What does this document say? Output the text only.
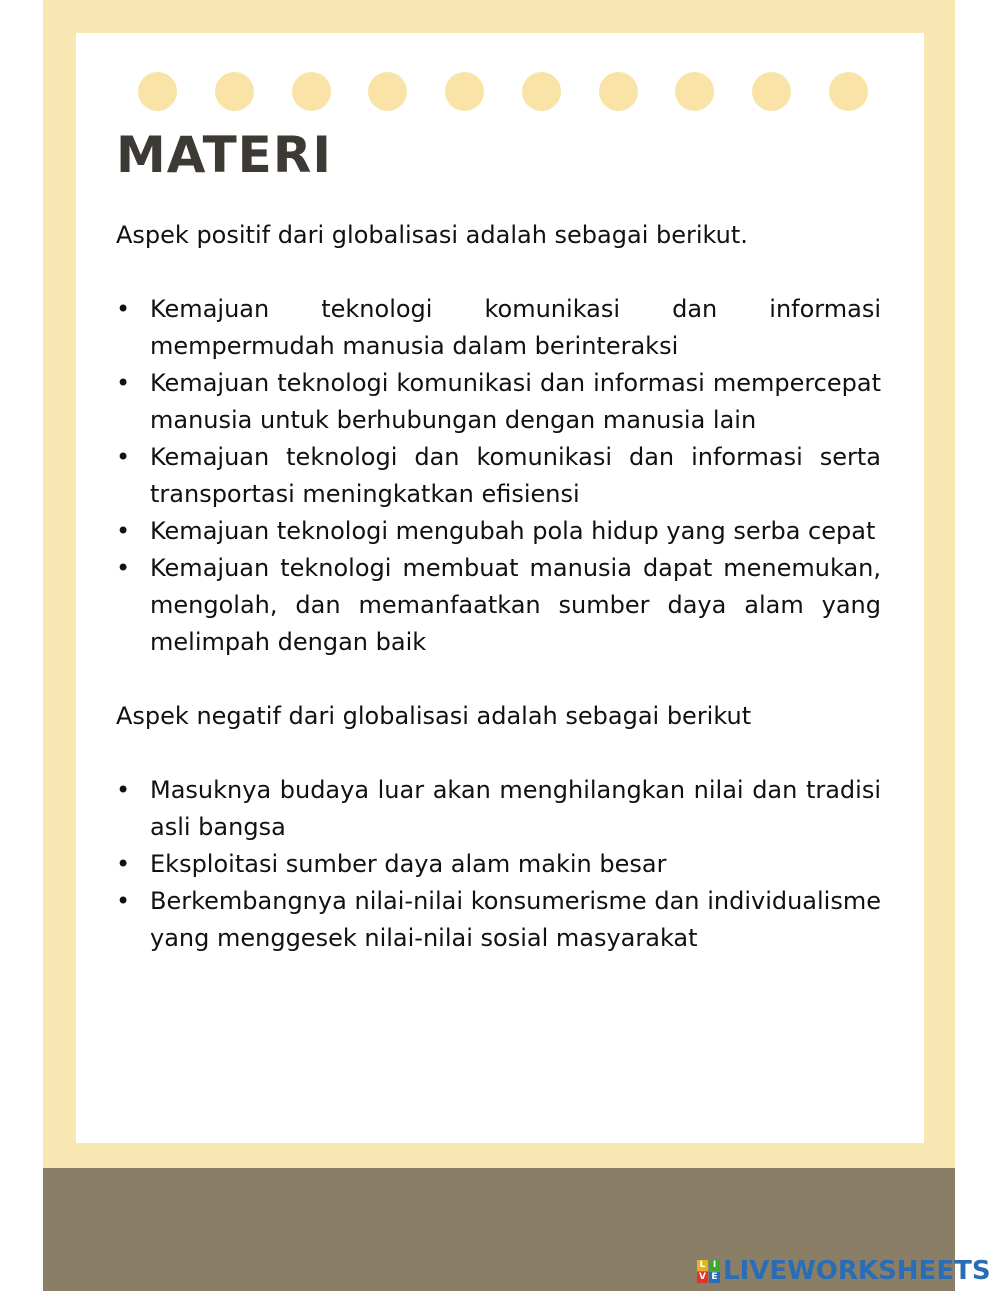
MATERI

Aspek positif dari globalisasi adalah sebagai berikut.

• Kemajuan teknologi komunikasi dan informasi mempermudah manusia dalam berinteraksi
• Kemajuan teknologi komunikasi dan informasi mempercepat manusia untuk berhubungan dengan manusia lain
• Kemajuan teknologi dan komunikasi dan informasi serta transportasi meningkatkan efisiensi
• Kemajuan teknologi mengubah pola hidup yang serba cepat
• Kemajuan teknologi membuat manusia dapat menemukan, mengolah, dan memanfaatkan sumber daya alam yang melimpah dengan baik

Aspek negatif dari globalisasi adalah sebagai berikut

• Masuknya budaya luar akan menghilangkan nilai dan tradisi asli bangsa
• Eksploitasi sumber daya alam makin besar
• Berkembangnya nilai-nilai konsumerisme dan individualisme yang menggesek nilai-nilai sosial masyarakat
L I
V E LIVEWORKSHEETS
